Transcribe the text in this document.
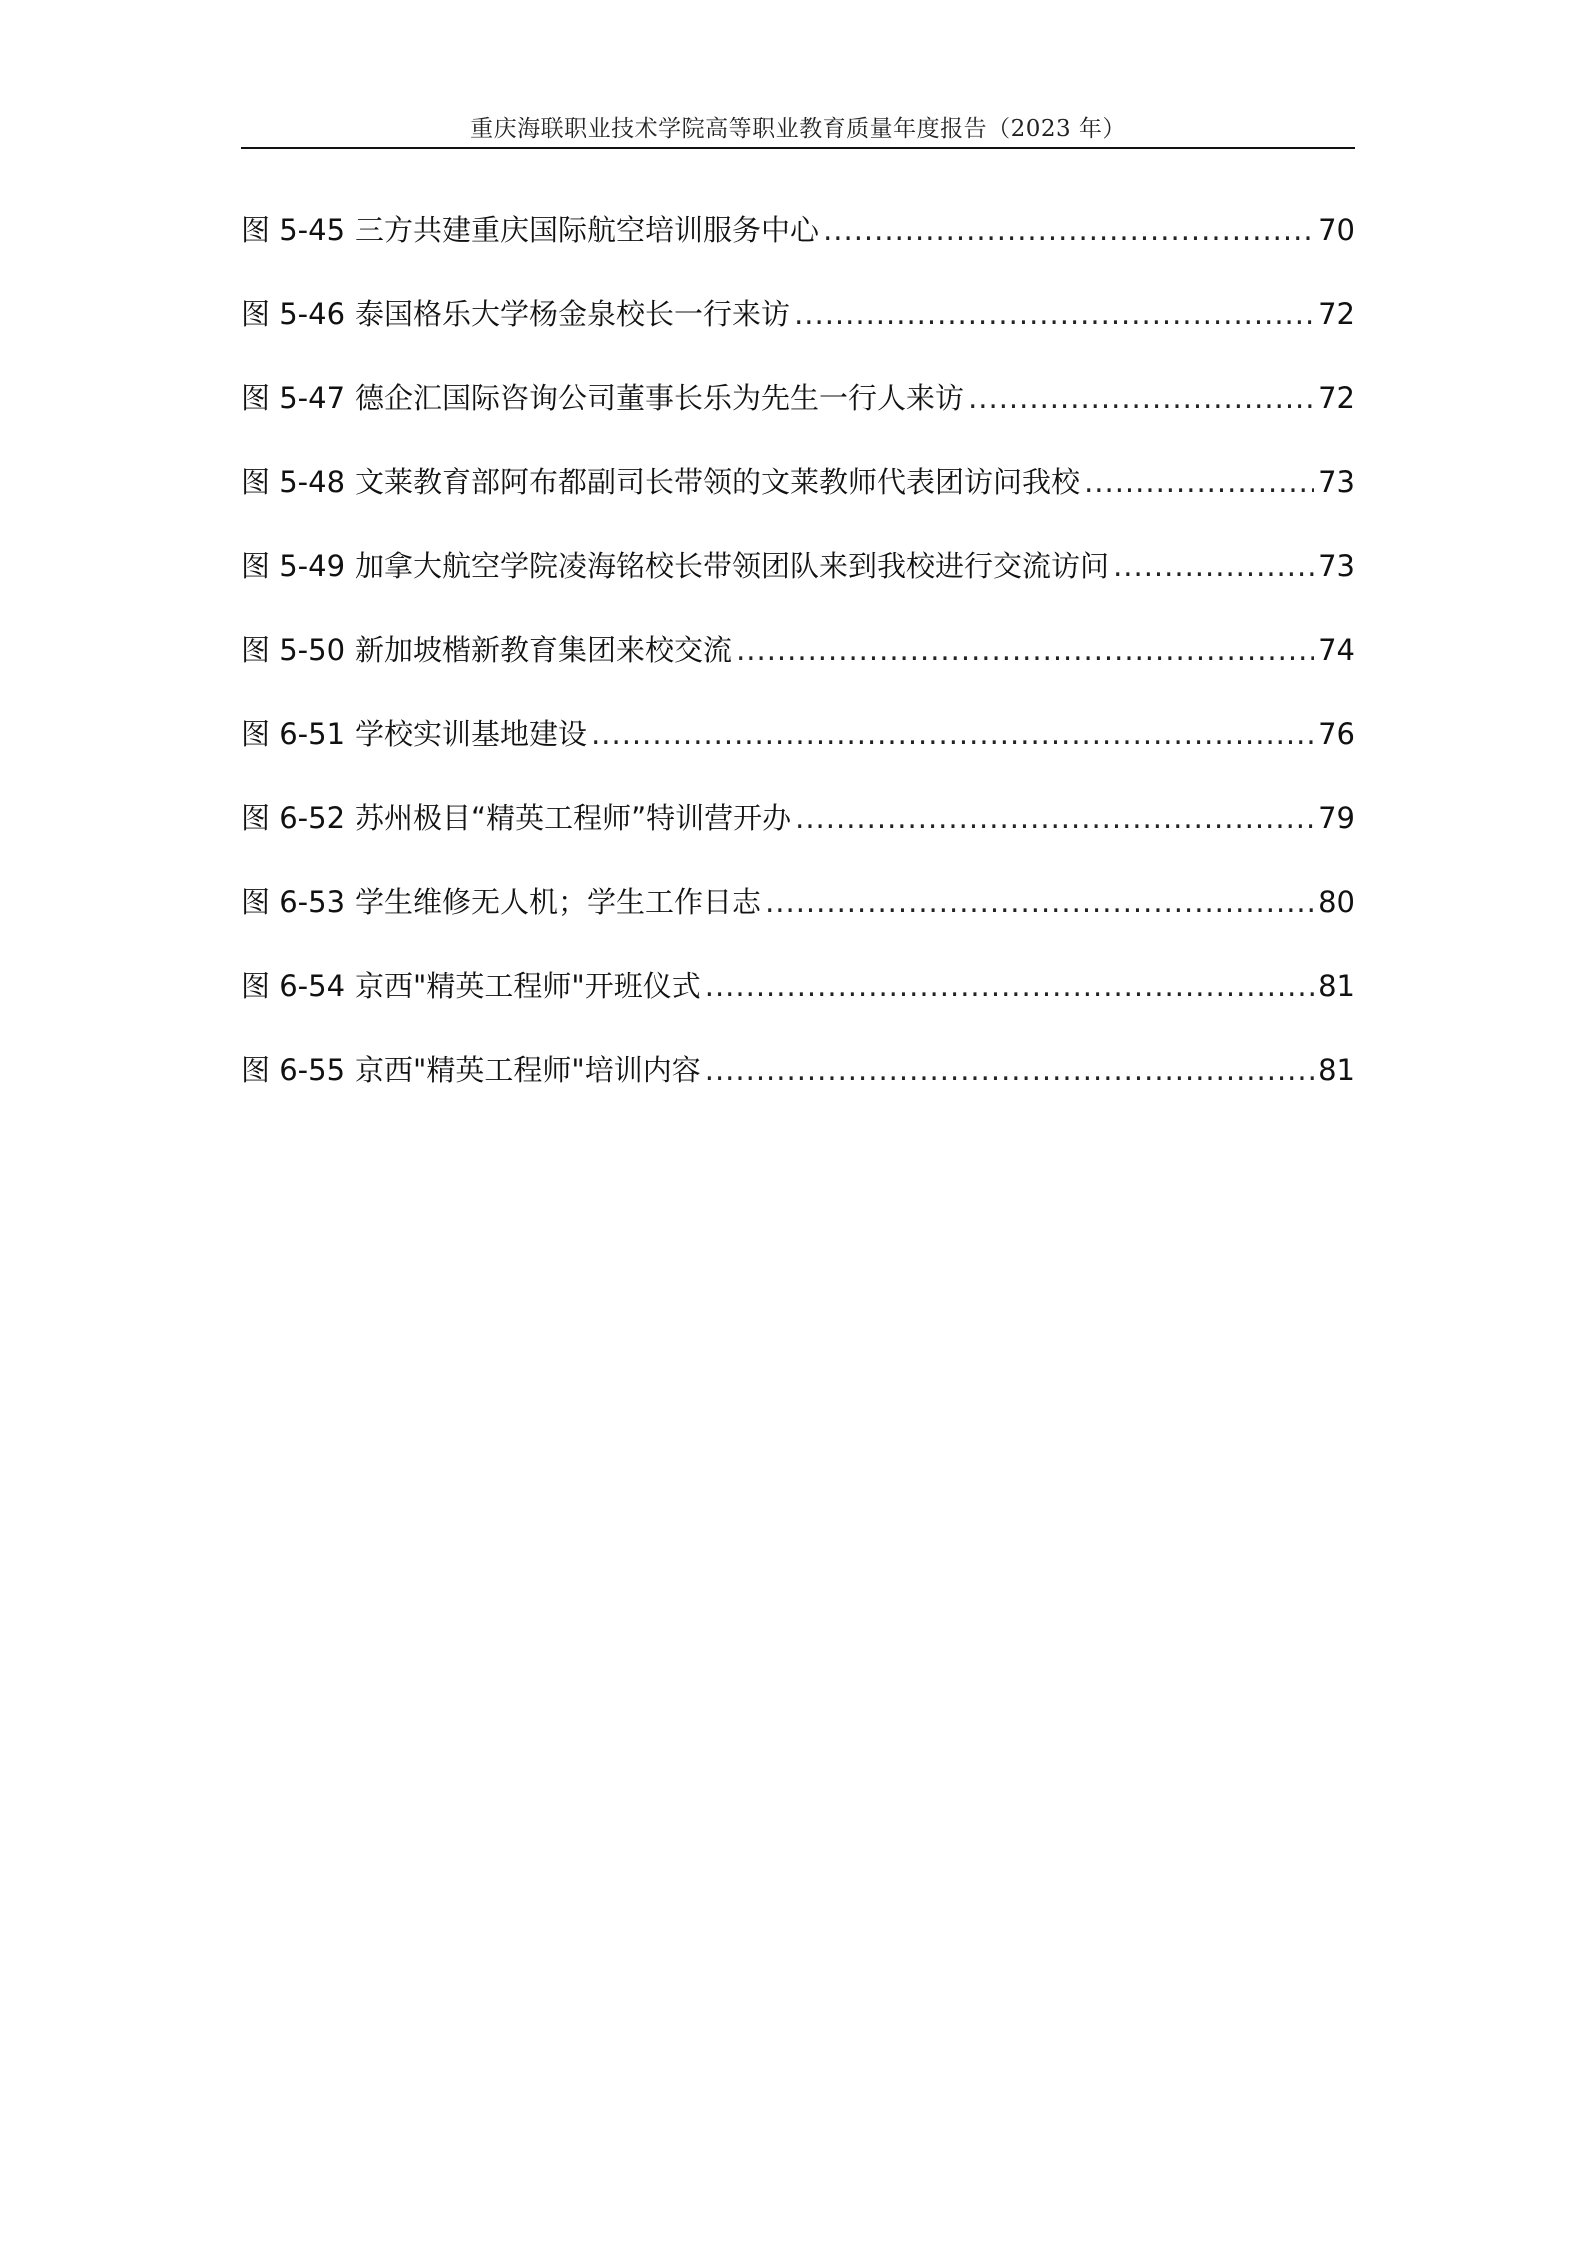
重庆海联职业技术学院高等职业教育质量年度报告（2023 年）
图 5-45 三方共建重庆国际航空培训服务中心 .....	70
图 5-46 泰国格乐大学杨金泉校长一行来访 .....	72
图 5-47 德企汇国际咨询公司董事长乐为先生一行人来访 .....	72
图 5-48 文莱教育部阿布都副司长带领的文莱教师代表团访问我校 .....	73
图 5-49 加拿大航空学院凌海铭校长带领团队来到我校进行交流访问 .....	73
图 5-50 新加坡楷新教育集团来校交流 .....	74
图 6-51 学校实训基地建设 .....	76
图 6-52 苏州极目“精英工程师”特训营开办 .....	79
图 6-53 学生维修无人机；学生工作日志 .....	80
图 6-54 京西"精英工程师"开班仪式 .....	81
图 6-55 京西"精英工程师"培训内容 .....	81
